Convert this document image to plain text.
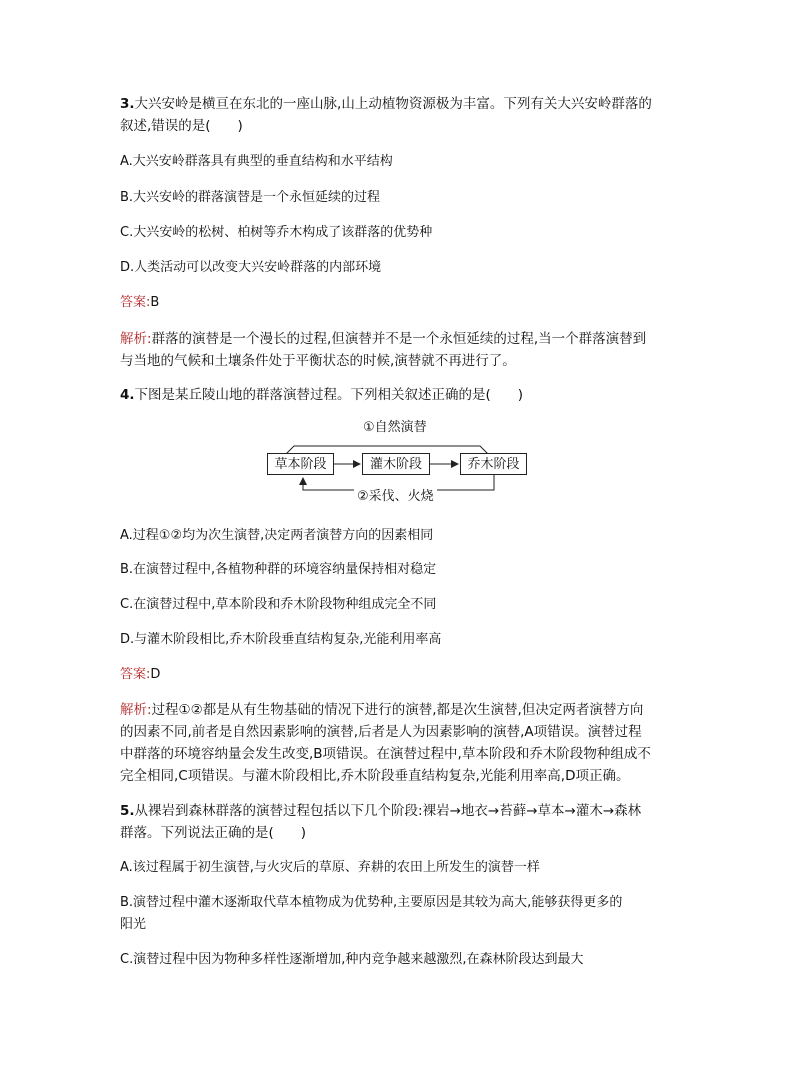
3.大兴安岭是横亘在东北的一座山脉,山上动植物资源极为丰富。下列有关大兴安岭群落的
叙述,错误的是(　　)
A.大兴安岭群落具有典型的垂直结构和水平结构
B.大兴安岭的群落演替是一个永恒延续的过程
C.大兴安岭的松树、柏树等乔木构成了该群落的优势种
D.人类活动可以改变大兴安岭群落的内部环境
答案:B
解析:群落的演替是一个漫长的过程,但演替并不是一个永恒延续的过程,当一个群落演替到
与当地的气候和土壤条件处于平衡状态的时候,演替就不再进行了。
4.下图是某丘陵山地的群落演替过程。下列相关叙述正确的是(　　)
①自然演替
草本阶段	灌木阶段	乔木阶段
②采伐、火烧
A.过程①②均为次生演替,决定两者演替方向的因素相同
B.在演替过程中,各植物种群的环境容纳量保持相对稳定
C.在演替过程中,草本阶段和乔木阶段物种组成完全不同
D.与灌木阶段相比,乔木阶段垂直结构复杂,光能利用率高
答案:D
解析:过程①②都是从有生物基础的情况下进行的演替,都是次生演替,但决定两者演替方向
的因素不同,前者是自然因素影响的演替,后者是人为因素影响的演替,A项错误。演替过程
中群落的环境容纳量会发生改变,B项错误。在演替过程中,草本阶段和乔木阶段物种组成不
完全相同,C项错误。与灌木阶段相比,乔木阶段垂直结构复杂,光能利用率高,D项正确。
5.从裸岩到森林群落的演替过程包括以下几个阶段:裸岩→地衣→苔藓→草本→灌木→森林
群落。下列说法正确的是(　　)
A.该过程属于初生演替,与火灾后的草原、弃耕的农田上所发生的演替一样
B.演替过程中灌木逐渐取代草本植物成为优势种,主要原因是其较为高大,能够获得更多的
阳光
C.演替过程中因为物种多样性逐渐增加,种内竞争越来越激烈,在森林阶段达到最大
